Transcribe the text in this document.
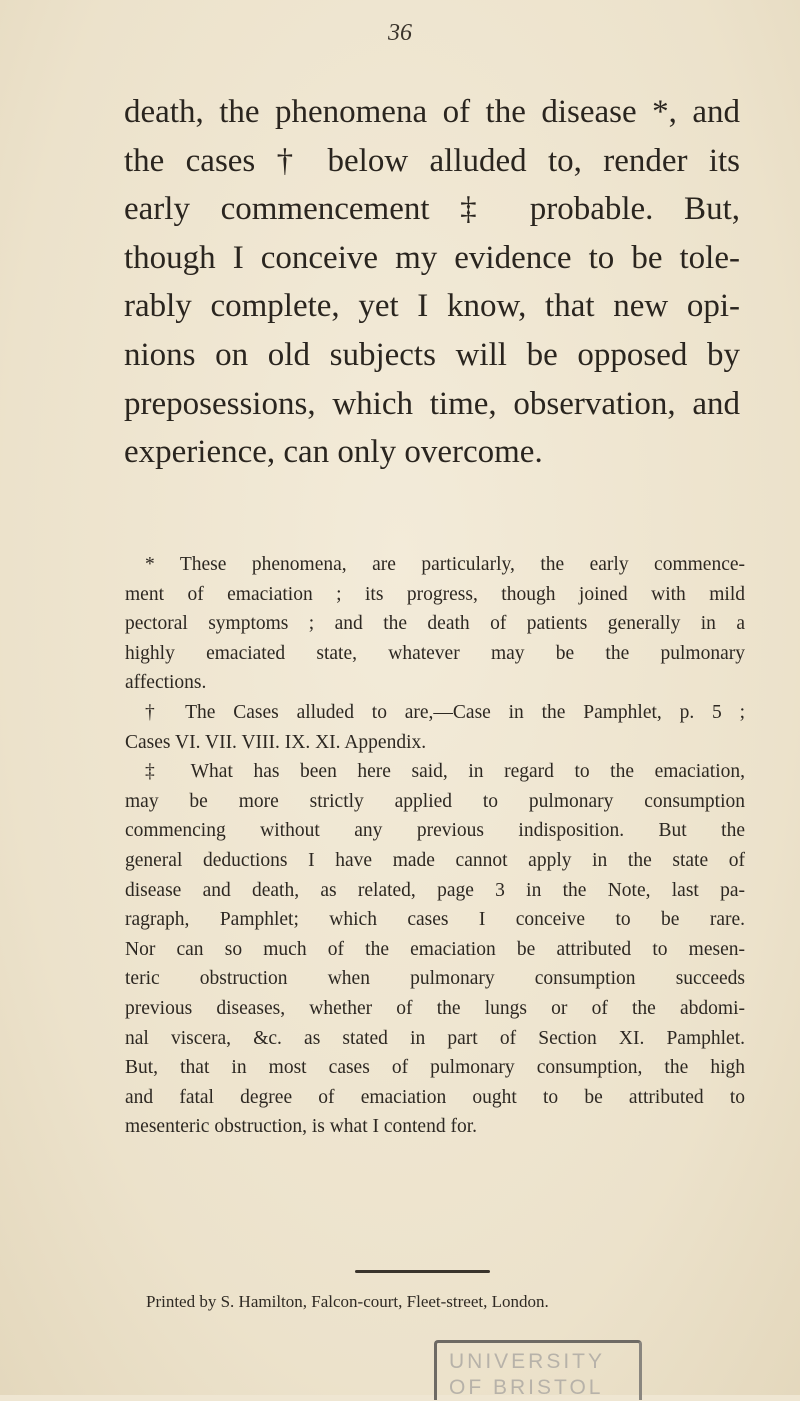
36
death, the phenomena of the disease *, and
the cases † below alluded to, render its
early commencement ‡ probable. But,
though I conceive my evidence to be tole-
rably complete, yet I know, that new opi-
nions on old subjects will be opposed by
preposessions, which time, observation, and
experience, can only overcome.
* These phenomena, are particularly, the early commence-
ment of emaciation ; its progress, though joined with mild
pectoral symptoms ; and the death of patients generally in a
highly emaciated state, whatever may be the pulmonary
affections.
† The Cases alluded to are,—Case in the Pamphlet, p. 5 ;
Cases VI. VII. VIII. IX. XI. Appendix.
‡ What has been here said, in regard to the emaciation,
may be more strictly applied to pulmonary consumption
commencing without any previous indisposition. But the
general deductions I have made cannot apply in the state of
disease and death, as related, page 3 in the Note, last pa-
ragraph, Pamphlet; which cases I conceive to be rare.
Nor can so much of the emaciation be attributed to mesen-
teric obstruction when pulmonary consumption succeeds
previous diseases, whether of the lungs or of the abdomi-
nal viscera, &c. as stated in part of Section XI. Pamphlet.
But, that in most cases of pulmonary consumption, the high
and fatal degree of emaciation ought to be attributed to
mesenteric obstruction, is what I contend for.
Printed by S. Hamilton, Falcon-court, Fleet-street, London.
UNIVERSITY
OF BRISTOL
